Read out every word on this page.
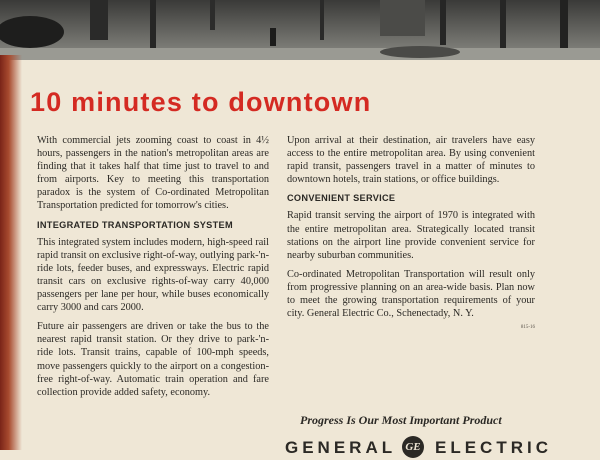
10 minutes to downtown

With commercial jets zooming coast to coast in 4½ hours, passengers in the nation's metropolitan areas are finding that it takes half that time just to travel to and from airports. Key to meeting this transportation paradox is the system of Co-ordinated Metropolitan Transportation predicted for tomorrow's cities.

INTEGRATED TRANSPORTATION SYSTEM

This integrated system includes modern, high-speed rail rapid transit on exclusive right-of-way, outlying park-'n-ride lots, feeder buses, and expressways. Electric rapid transit cars on exclusive rights-of-way carry 40,000 passengers per lane per hour, while buses economically carry 3000 and cars 2000.

Future air passengers are driven or take the bus to the nearest rapid transit station. Or they drive to park-'n-ride lots. Transit trains, capable of 100-mph speeds, move passengers quickly to the airport on a congestion-free right-of-way. Automatic train operation and fare collection provide added safety, economy.

Upon arrival at their destination, air travelers have easy access to the entire metropolitan area. By using convenient rapid transit, passengers travel in a matter of minutes to downtown hotels, train stations, or office buildings.

CONVENIENT SERVICE

Rapid transit serving the airport of 1970 is integrated with the entire metropolitan area. Strategically located transit stations on the airport line provide convenient service for nearby suburban communities.

Co-ordinated Metropolitan Transportation will result only from progressive planning on an area-wide basis. Plan now to meet the growing transportation requirements of your city. General Electric Co., Schenectady, N. Y.

815-16
Progress Is Our Most Important Product
GENERAL GE ELECTRIC
